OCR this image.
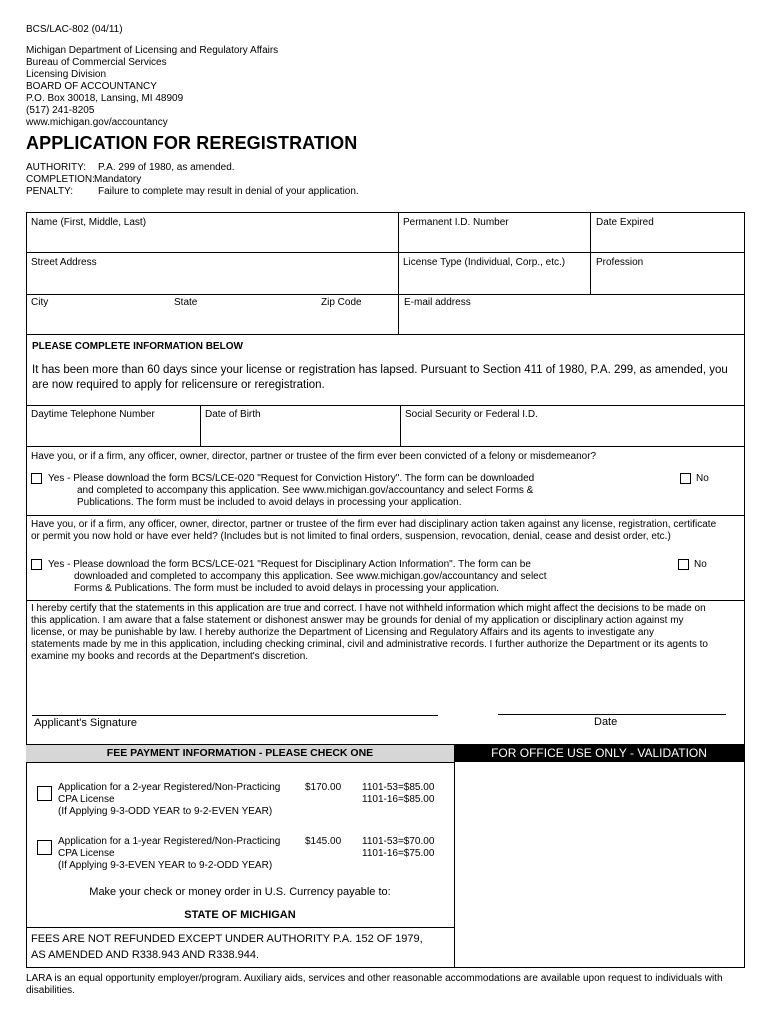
BCS/LAC-802 (04/11)
Michigan Department of Licensing and Regulatory Affairs
Bureau of Commercial Services
Licensing Division
BOARD OF ACCOUNTANCY
P.O. Box 30018, Lansing, MI 48909
(517) 241-8205
www.michigan.gov/accountancy
APPLICATION FOR REREGISTRATION
AUTHORITY: P.A. 299 of 1980, as amended.
COMPLETION: Mandatory
PENALTY: Failure to complete may result in denial of your application.
Name (First, Middle, Last)	Permanent I.D. Number	Date Expired
Street Address	License Type (Individual, Corp., etc.)	Profession
City	State	Zip Code	E-mail address
PLEASE COMPLETE INFORMATION BELOW
It has been more than 60 days since your license or registration has lapsed. Pursuant to Section 411 of 1980, P.A. 299, as amended, you
are now required to apply for relicensure or reregistration.
Daytime Telephone Number	Date of Birth	Social Security or Federal I.D.
Have you, or if a firm, any officer, owner, director, partner or trustee of the firm ever been convicted of a felony or misdemeanor?
Yes - Please download the form BCS/LCE-020 "Request for Conviction History". The form can be downloaded
and completed to accompany this application. See www.michigan.gov/accountancy and select Forms &
Publications. The form must be included to avoid delays in processing your application.
No
Have you, or if a firm, any officer, owner, director, partner or trustee of the firm ever had disciplinary action taken against any license, registration, certificate
or permit you now hold or have ever held? (Includes but is not limited to final orders, suspension, revocation, denial, cease and desist order, etc.)
Yes - Please download the form BCS/LCE-021 "Request for Disciplinary Action Information". The form can be
downloaded and completed to accompany this application. See www.michigan.gov/accountancy and select
Forms & Publications. The form must be included to avoid delays in processing your application.
No
I hereby certify that the statements in this application are true and correct. I have not withheld information which might affect the decisions to be made on
this application. I am aware that a false statement or dishonest answer may be grounds for denial of my application or disciplinary action against my
license, or may be punishable by law. I hereby authorize the Department of Licensing and Regulatory Affairs and its agents to investigate any
statements made by me in this application, including checking criminal, civil and administrative records. I further authorize the Department or its agents to
examine my books and records at the Department's discretion.
Applicant's Signature	Date
FEE PAYMENT INFORMATION - PLEASE CHECK ONE	FOR OFFICE USE ONLY - VALIDATION
Application for a 2-year Registered/Non-Practicing
CPA License
(If Applying 9-3-ODD YEAR to 9-2-EVEN YEAR)
$170.00 1101-53=$85.00
1101-16=$85.00
Application for a 1-year Registered/Non-Practicing
CPA License
(If Applying 9-3-EVEN YEAR to 9-2-ODD YEAR)
$145.00 1101-53=$70.00
1101-16=$75.00
Make your check or money order in U.S. Currency payable to:
STATE OF MICHIGAN
FEES ARE NOT REFUNDED EXCEPT UNDER AUTHORITY P.A. 152 OF 1979,
AS AMENDED AND R338.943 AND R338.944.
LARA is an equal opportunity employer/program. Auxiliary aids, services and other reasonable accommodations are available upon request to individuals with
disabilities.
